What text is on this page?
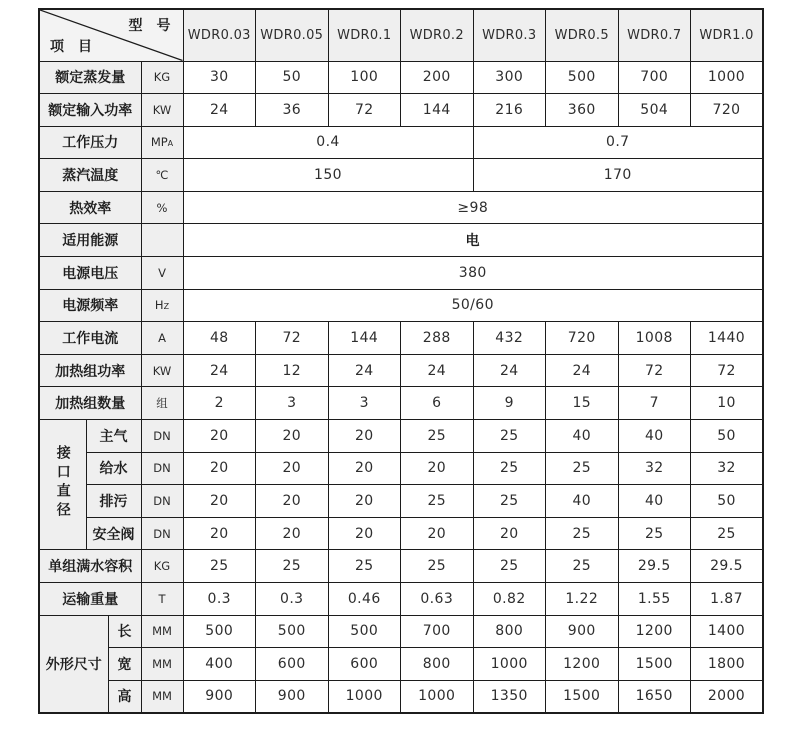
型　号
项　目				WDR0.03	WDR0.05	WDR0.1	WDR0.2	WDR0.3	WDR0.5	WDR0.7	WDR1.0
额定蒸发量			KG	30	50	100	200	300	500	700	1000
额定输入功率			KW	24	36	72	144	216	360	504	720
工作压力			MPa	0.4				0.7			
蒸汽温度			℃	150				170			
热效率			%	≥98							
适用能源				电							
电源电压			V	380							
电源频率			Hz	50/60							
工作电流			A	48	72	144	288	432	720	1008	1440
加热组功率			KW	24	12	24	24	24	24	72	72
加热组数量			组	2	3	3	6	9	15	7	10
接口直径	主气		DN	20	20	20	25	25	40	40	50
	给水		DN	20	20	20	20	25	25	32	32
	排污		DN	20	20	20	25	25	40	40	50
	安全阀		DN	20	20	20	20	20	25	25	25
单组满水容积			KG	25	25	25	25	25	25	29.5	29.5
运输重量			T	0.3	0.3	0.46	0.63	0.82	1.22	1.55	1.87
外形尺寸		长	MM	500	500	500	700	800	900	1200	1400
		宽	MM	400	600	600	800	1000	1200	1500	1800
		高	MM	900	900	1000	1000	1350	1500	1650	2000
